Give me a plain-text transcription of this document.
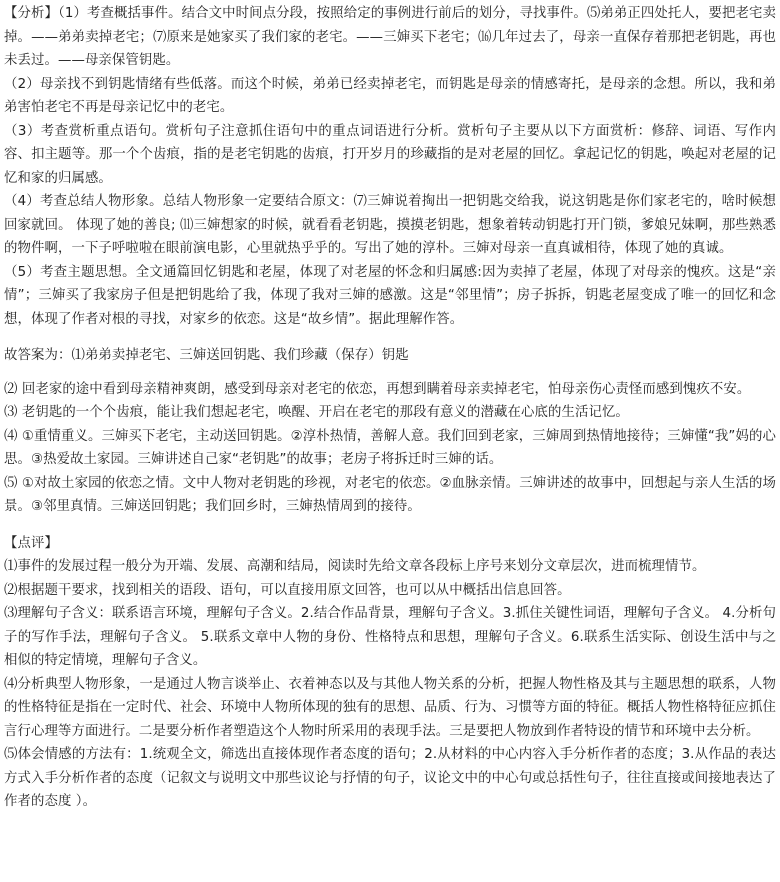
【分析】（1）考查概括事件。结合文中时间点分段，按照给定的事例进行前后的划分，寻找事件。⑸弟弟正四处托人，要把老宅卖掉。——弟弟卖掉老宅；⑺原来是她家买了我们家的老宅。——三婶买下老宅；⒃几年过去了，母亲一直保存着那把老钥匙，再也未丢过。——母亲保管钥匙。

（2）母亲找不到钥匙情绪有些低落。而这个时候，弟弟已经卖掉老宅，而钥匙是母亲的情感寄托，是母亲的念想。所以，我和弟弟害怕老宅不再是母亲记忆中的老宅。

（3）考查赏析重点语句。赏析句子注意抓住语句中的重点词语进行分析。赏析句子主要从以下方面赏析：修辞、词语、写作内容、扣主题等。那一个个齿痕，指的是老宅钥匙的齿痕，打开岁月的珍藏指的是对老屋的回忆。拿起记忆的钥匙，唤起对老屋的记忆和家的归属感。

（4）考查总结人物形象。总结人物形象一定要结合原文：⑺三婶说着掏出一把钥匙交给我，说这钥匙是你们家老宅的，啥时候想回家就回。 体现了她的善良; ⑾三婶想家的时候，就看看老钥匙，摸摸老钥匙，想象着转动钥匙打开门锁，爹娘兄妹啊，那些熟悉的物件啊，一下子呼啦啦在眼前演电影，心里就热乎乎的。写出了她的淳朴。三婶对母亲一直真诚相待，体现了她的真诚。

（5）考查主题思想。全文通篇回忆钥匙和老屋，体现了对老屋的怀念和归属感:因为卖掉了老屋，体现了对母亲的愧疚。这是“亲情”；三婶买了我家房子但是把钥匙给了我，体现了我对三婶的感激。这是“邻里情”；房子拆拆，钥匙老屋变成了唯一的回忆和念想，体现了作者对根的寻找，对家乡的依恋。这是“故乡情”。据此理解作答。

故答案为：⑴弟弟卖掉老宅、三婶送回钥匙、我们珍藏（保存）钥匙

⑵ 回老家的途中看到母亲精神爽朗，感受到母亲对老宅的依恋，再想到瞒着母亲卖掉老宅，怕母亲伤心责怪而感到愧疚不安。

⑶ 老钥匙的一个个齿痕，能让我们想起老宅，唤醒、开启在老宅的那段有意义的潜藏在心底的生活记忆。

⑷ ①重情重义。三婶买下老宅，主动送回钥匙。②淳朴热情，善解人意。我们回到老家，三婶周到热情地接待；三婶懂“我”妈的心思。③热爱故土家园。三婶讲述自己家“老钥匙”的故事；老房子将拆迁时三婶的话。

⑸ ①对故土家园的依恋之情。文中人物对老钥匙的珍视，对老宅的依恋。②血脉亲情。三婶讲述的故事中，回想起与亲人生活的场景。③邻里真情。三婶送回钥匙；我们回乡时，三婶热情周到的接待。

【点评】

⑴事件的发展过程一般分为开端、发展、高潮和结局，阅读时先给文章各段标上序号来划分文章层次，进而梳理情节。

⑵根据题干要求，找到相关的语段、语句，可以直接用原文回答，也可以从中概括出信息回答。

⑶理解句子含义：联系语言环境，理解句子含义。2.结合作品背景，理解句子含义。3.抓住关键性词语，理解句子含义。 4.分析句子的写作手法，理解句子含义。 5.联系文章中人物的身份、性格特点和思想，理解句子含义。6.联系生活实际、创设生活中与之相似的特定情境，理解句子含义。

⑷分析典型人物形象，一是通过人物言谈举止、衣着神态以及与其他人物关系的分析，把握人物性格及其与主题思想的联系，人物的性格特征是指在一定时代、社会、环境中人物所体现的独有的思想、品质、行为、习惯等方面的特征。概括人物性格特征应抓住言行心理等方面进行。二是要分析作者塑造这个人物时所采用的表现手法。三是要把人物放到作者特设的情节和环境中去分析。

⑸体会情感的方法有：1.统观全文，筛选出直接体现作者态度的语句；2.从材料的中心内容入手分析作者的态度；3.从作品的表达方式入手分析作者的态度（记叙文与说明文中那些议论与抒情的句子，议论文中的中心句或总括性句子，往往直接或间接地表达了作者的态度 ）。
